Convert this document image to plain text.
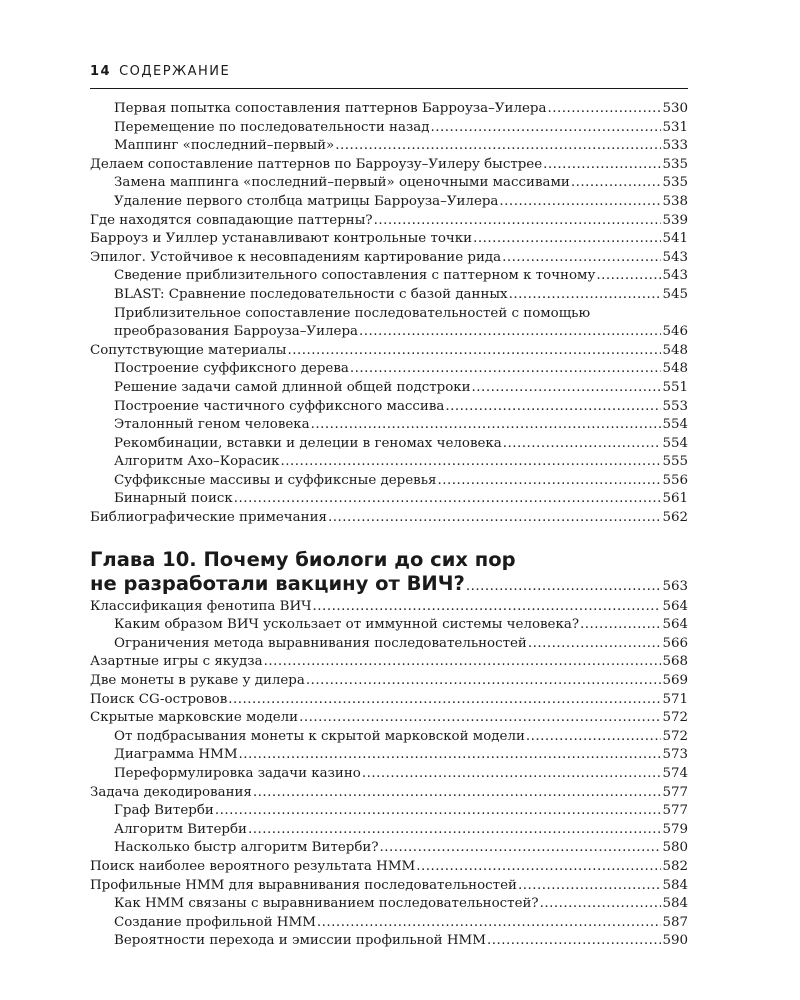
14 СОДЕРЖАНИЕ
Первая попытка сопоставления паттернов Барроуза–Уилера .....	530
Перемещение по последовательности назад .....	531
Маппинг «последний–первый» .....	533
Делаем сопоставление паттернов по Барроузу–Уилеру быстрее .....	535
Замена маппинга «последний–первый» оценочными массивами .....	535
Удаление первого столбца матрицы Барроуза–Уилера .....	538
Где находятся совпадающие паттерны? .....	539
Барроуз и Уиллер устанавливают контрольные точки .....	541
Эпилог. Устойчивое к несовпадениям картирование рида .....	543
Сведение приблизительного сопоставления с паттерном к точному .....	543
BLAST: Сравнение последовательности с базой данных .....	545
Приблизительное сопоставление последовательностей с помощью
преобразования Барроуза–Уилера .....	546
Сопутствующие материалы .....	548
Построение суффиксного дерева .....	548
Решение задачи самой длинной общей подстроки .....	551
Построение частичного суффиксного массива .....	553
Эталонный геном человека .....	554
Рекомбинации, вставки и делеции в геномах человека .....	554
Алгоритм Ахо–Корасик .....	555
Суффиксные массивы и суффиксные деревья .....	556
Бинарный поиск .....	561
Библиографические примечания .....	562
Глава 10. Почему биологи до сих пор
не разработали вакцину от ВИЧ? .....	563
Классификация фенотипа ВИЧ .....	564
Каким образом ВИЧ ускользает от иммунной системы человека? .....	564
Ограничения метода выравнивания последовательностей .....	566
Азартные игры с якудза .....	568
Две монеты в рукаве у дилера .....	569
Поиск CG-островов .....	571
Скрытые марковские модели .....	572
От подбрасывания монеты к скрытой марковской модели .....	572
Диаграмма HMM .....	573
Переформулировка задачи казино .....	574
Задача декодирования .....	577
Граф Витерби .....	577
Алгоритм Витерби .....	579
Насколько быстр алгоритм Витерби? .....	580
Поиск наиболее вероятного результата HMM .....	582
Профильные HMM для выравнивания последовательностей .....	584
Как HMM связаны с выравниванием последовательностей? .....	584
Создание профильной HMM .....	587
Вероятности перехода и эмиссии профильной HMM .....	590
